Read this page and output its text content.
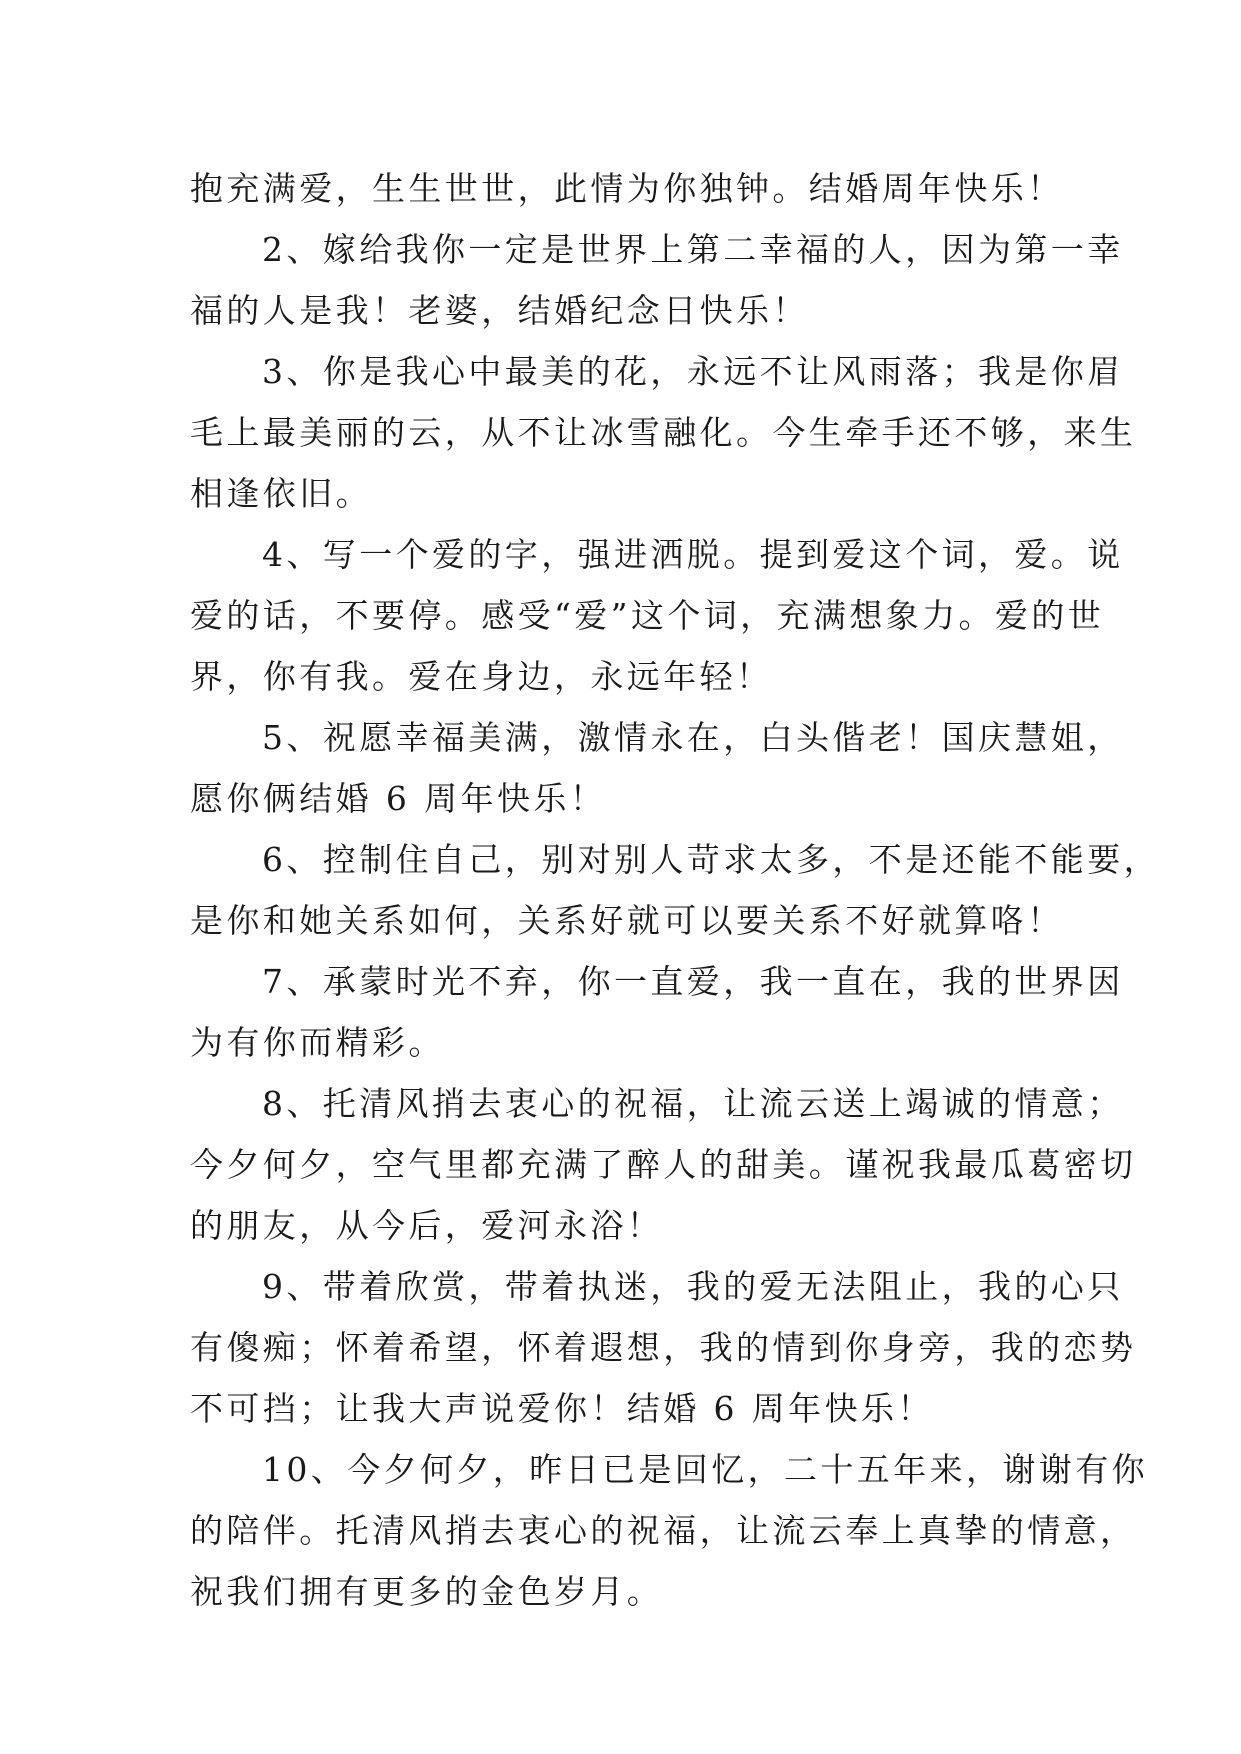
抱充满爱，生生世世，此情为你独钟。结婚周年快乐！

2、嫁给我你一定是世界上第二幸福的人，因为第一幸
福的人是我！老婆，结婚纪念日快乐！

3、你是我心中最美的花，永远不让风雨落；我是你眉
毛上最美丽的云，从不让冰雪融化。今生牵手还不够，来生
相逢依旧。

4、写一个爱的字，强进洒脱。提到爱这个词，爱。说
爱的话，不要停。感受“爱”这个词，充满想象力。爱的世
界，你有我。爱在身边，永远年轻！

5、祝愿幸福美满，激情永在，白头偕老！国庆慧姐，
愿你俩结婚 6 周年快乐！

6、控制住自己，别对别人苛求太多，不是还能不能要，
是你和她关系如何，关系好就可以要关系不好就算咯！

7、承蒙时光不弃，你一直爱，我一直在，我的世界因
为有你而精彩。

8、托清风捎去衷心的祝福，让流云送上竭诚的情意；
今夕何夕，空气里都充满了醉人的甜美。谨祝我最瓜葛密切
的朋友，从今后，爱河永浴！

9、带着欣赏，带着执迷，我的爱无法阻止，我的心只
有傻痴；怀着希望，怀着遐想，我的情到你身旁，我的恋势
不可挡；让我大声说爱你！结婚 6 周年快乐！

10、今夕何夕，昨日已是回忆，二十五年来，谢谢有你
的陪伴。托清风捎去衷心的祝福，让流云奉上真挚的情意，
祝我们拥有更多的金色岁月。
